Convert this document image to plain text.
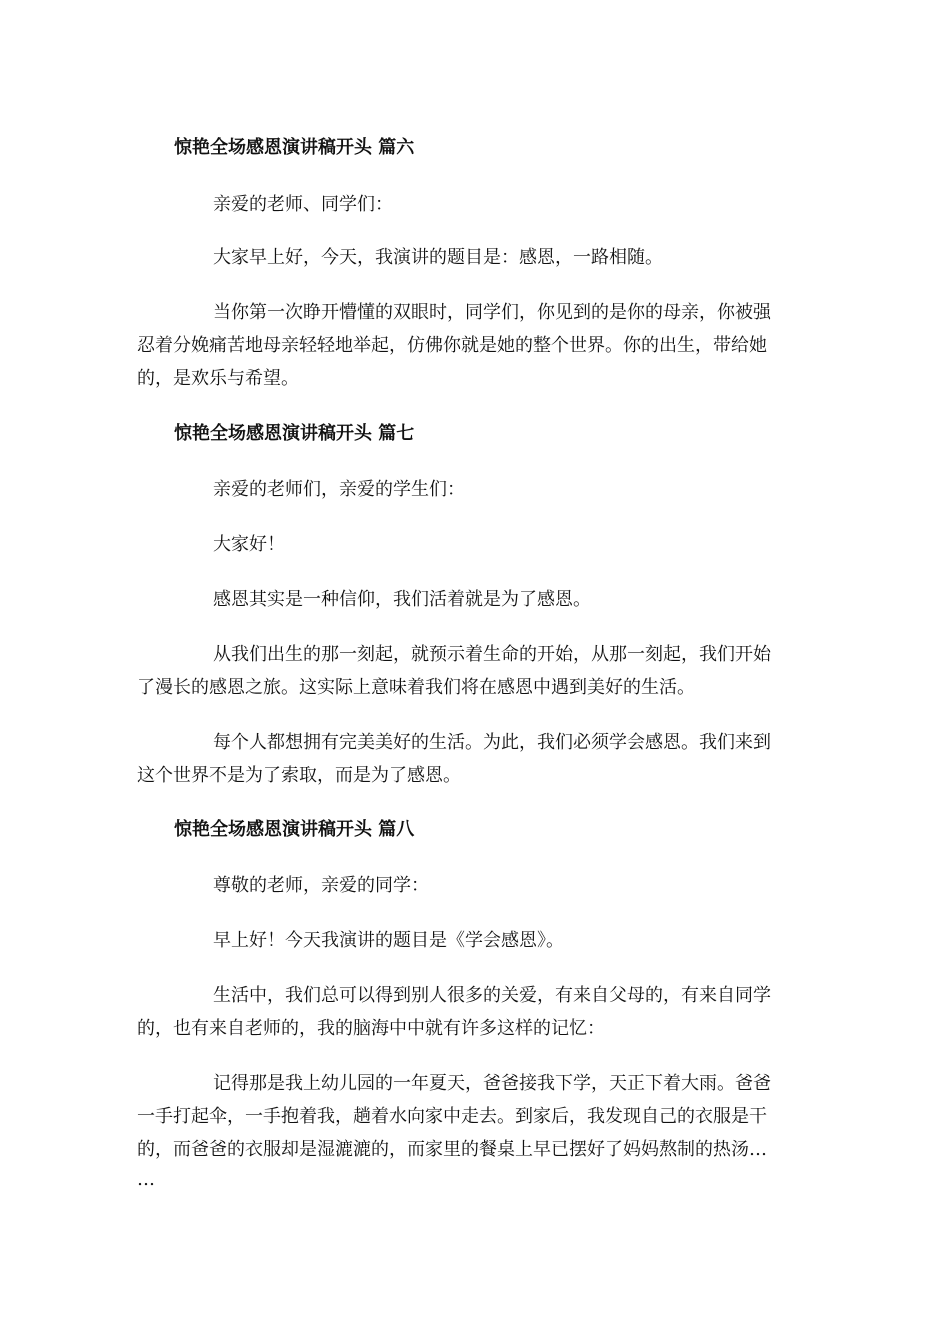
惊艳全场感恩演讲稿开头 篇六

亲爱的老师、同学们：

大家早上好，今天，我演讲的题目是：感恩，一路相随。

当你第一次睁开懵懂的双眼时，同学们，你见到的是你的母亲，你被强

忍着分娩痛苦地母亲轻轻地举起，仿佛你就是她的整个世界。你的出生，带给她

的，是欢乐与希望。

惊艳全场感恩演讲稿开头 篇七

亲爱的老师们，亲爱的学生们：

大家好！

感恩其实是一种信仰，我们活着就是为了感恩。

从我们出生的那一刻起，就预示着生命的开始，从那一刻起，我们开始

了漫长的感恩之旅。这实际上意味着我们将在感恩中遇到美好的生活。

每个人都想拥有完美美好的生活。为此，我们必须学会感恩。我们来到

这个世界不是为了索取，而是为了感恩。

惊艳全场感恩演讲稿开头 篇八

尊敬的老师，亲爱的同学：

早上好！今天我演讲的题目是《学会感恩》。

生活中，我们总可以得到别人很多的关爱，有来自父母的，有来自同学

的，也有来自老师的，我的脑海中中就有许多这样的记忆：

记得那是我上幼儿园的一年夏天，爸爸接我下学，天正下着大雨。爸爸

一手打起伞，一手抱着我，趟着水向家中走去。到家后，我发现自己的衣服是干

的，而爸爸的衣服却是湿漉漉的，而家里的餐桌上早已摆好了妈妈熬制的热汤…

…
